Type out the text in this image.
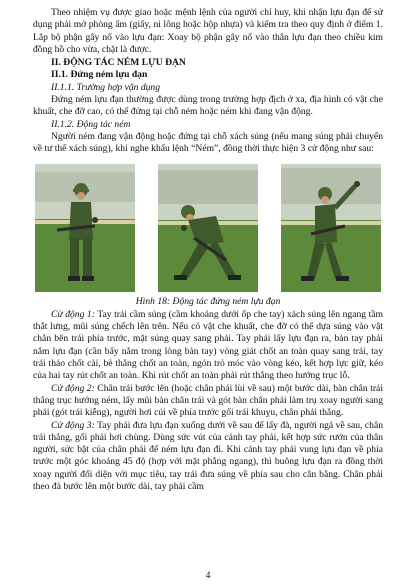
Theo nhiệm vụ được giao hoặc mệnh lệnh của người chỉ huy, khi nhận lựu đạn để sử dụng phải mở phòng ẩm (giấy, ni lông hoặc hộp nhựa) và kiểm tra theo quy định ở điểm 1. Lắp bộ phận gây nổ vào lựu đạn: Xoay bộ phận gây nổ vào thân lựu đạn theo chiều kim đồng hồ cho vừa, chặt là được.

II. ĐỘNG TÁC NÉM LỰU ĐẠN

II.1. Đứng ném lựu đạn

II.1.1. Trường hợp vận dụng

Đứng ném lựu đạn thường được dùng trong trường hợp địch ở xa, địa hình có vật che khuất, che đỡ cao, có thể đứng tại chỗ ném hoặc ném khi đang vận động.

II.1.2. Động tác ném

Người ném đang vận động hoặc đứng tại chỗ xách súng (nếu mang súng phải chuyển về tư thế xách súng), khi nghe khẩu lệnh “Ném”, đồng thời thực hiện 3 cử động như sau:

Hình 18: Động tác đứng ném lựu đạn

Cử động 1: Tay trái cầm súng (cầm khoảng dưới ốp che tay) xách súng lên ngang tầm thắt lưng, mũi súng chếch lên trên. Nếu có vật che khuất, che đỡ có thể dựa súng vào vật chắn bên trái phía trước, mặt súng quay sang phải. Tay phải lấy lựu đạn ra, bàn tay phải nắm lựu đạn (cần bẩy nằm trong lòng bàn tay) vòng giát chốt an toàn quay sang trái, tay trái tháo chốt cài, bẻ thẳng chốt an toàn, ngón trỏ móc vào vòng kéo, kết hợp lực giữ, kéo của hai tay rút chốt an toàn. Khi rút chốt an toàn phải rút thẳng theo hướng trục lỗ.

Cử động 2: Chân trái bước lên (hoặc chân phải lùi về sau) một bước dài, bàn chân trái thẳng trục hướng ném, lấy mũi bàn chân trái và gót bàn chân phải làm trụ xoay người sang phải (gót trái kiễng), người hơi cúi về phía trước gối trái khuỵu, chân phải thẳng.

Cử động 3: Tay phải đưa lựu đạn xuống dưới về sau để lấy đà, người ngả về sau, chân trái thẳng, gối phải hơi chùng. Dùng sức vút của cánh tay phải, kết hợp sức rướn của thân người, sức bật của chân phải để ném lựu đạn đi. Khi cánh tay phải vung lựu đạn về phía trước một góc khoảng 45 độ (hợp với mặt phẳng ngang), thì buông lựu đạn ra đồng thời xoay người đối diện với mục tiêu, tay trái đưa súng về phía sau cho cân bằng. Chân phải theo đà bước lên một bước dài, tay phải cầm

4
